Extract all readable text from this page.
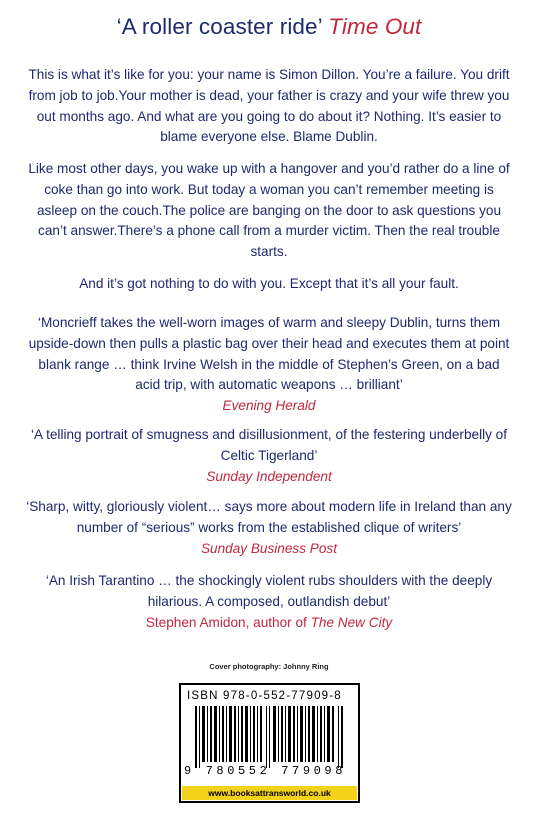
‘A roller coaster ride’ Time Out

This is what it’s like for you: your name is Simon Dillon. You’re a failure. You drift from job to job.Your mother is dead, your father is crazy and your wife threw you out months ago. And what are you going to do about it? Nothing. It’s easier to blame everyone else. Blame Dublin.

Like most other days, you wake up with a hangover and you’d rather do a line of coke than go into work. But today a woman you can’t remember meeting is asleep on the couch.The police are banging on the door to ask questions you can’t answer.There’s a phone call from a murder victim. Then the real trouble starts.

And it’s got nothing to do with you. Except that it’s all your fault.

‘Moncrieff takes the well-worn images of warm and sleepy Dublin, turns them upside-down then pulls a plastic bag over their head and executes them at point blank range … think Irvine Welsh in the middle of Stephen’s Green, on a bad acid trip, with automatic weapons … brilliant’

Evening Herald

‘A telling portrait of smugness and disillusionment, of the festering underbelly of Celtic Tigerland’

Sunday Independent

‘Sharp, witty, gloriously violent… says more about modern life in Ireland than any number of “serious” works from the established clique of writers’

Sunday Business Post

‘An Irish Tarantino … the shockingly violent rubs shoulders with the deeply hilarious. A composed, outlandish debut’

Stephen Amidon, author of The New City
Cover photography: Johnny Ring
ISBN 978-0-552-77909-8
9 780552 779098
www.booksattransworld.co.uk
